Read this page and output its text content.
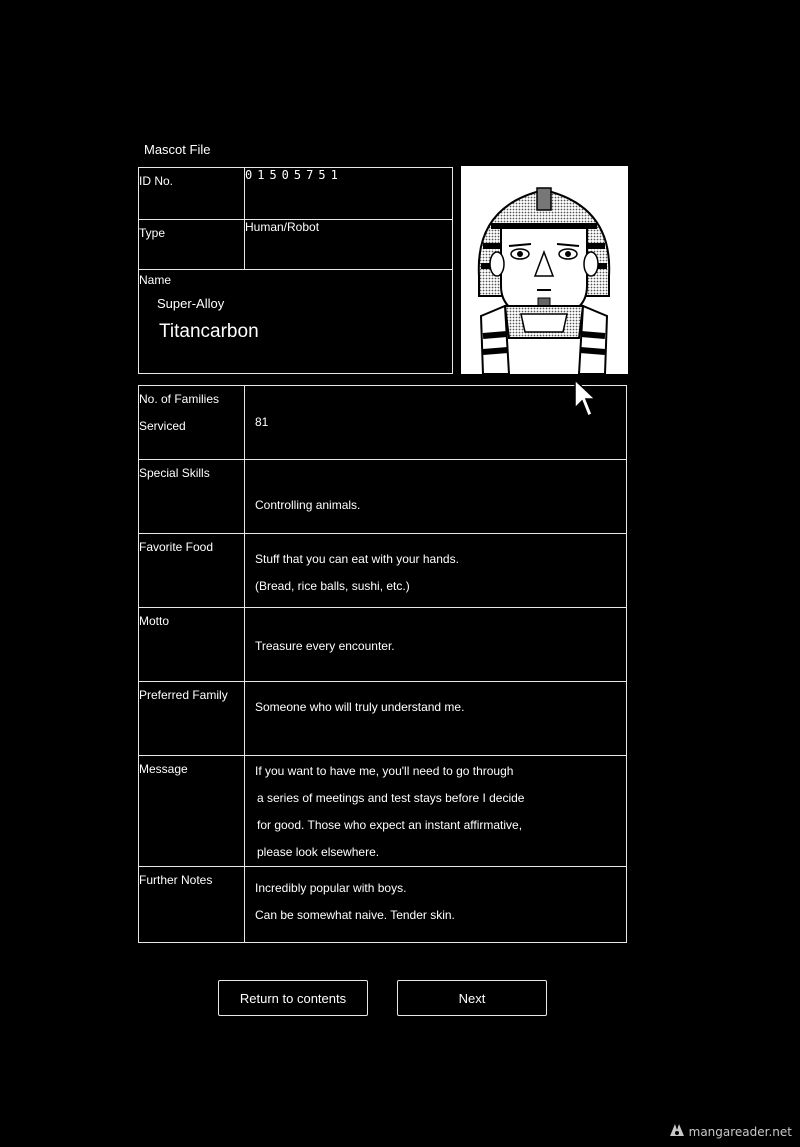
Mascot File
ID No.	01505751
Type	Human/Robot

Name
Super-Alloy
Titancarbon	
No. of Families
Serviced	81

Special Skills	Controlling animals.

Favorite Food	Stuff that you can eat with your hands.
(Bread, rice balls, sushi, etc.)

Motto	Treasure every encounter.

Preferred Family	Someone who will truly understand me.

Message	If you want to have me, you'll need to go through
a series of meetings and test stays before I decide
for good. Those who expect an instant affirmative,
please look elsewhere.

Further Notes	Incredibly popular with boys.
Can be somewhat naive. Tender skin.
Return to contents	Next
mangareader.net
